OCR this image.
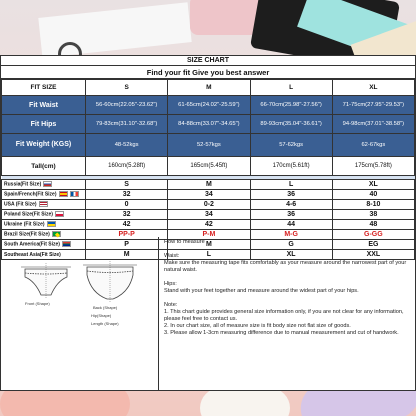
SIZE CHART
Find your fit Give you best answer
FIT SIZE	S	M	L	XL
Fit Waist	56-60cm(22.05"-23.62")	61-65cm(24.02"-25.59")	66-70cm(25.98"-27.56")	71-75cm(27.95"-29.53")
Fit Hips	79-83cm(31.10"-32.68")	84-88cm(33.07"-34.65")	89-93cm(35.04"-36.61")	94-98cm(37.01"-38.58")
Fit Weight (KGS)	48-52kgs	52-57kgs	57-62kgs	62-67kgs
Tall(cm)	160cm(5.28ft)	165cm(5.45ft)	170cm(5.61ft)	175cm(5.78ft)

Russia(Fit Size)	S	M	L	XL
Spain/French(Fit Size)	32	34	36	40
USA (Fit Size)	0	0-2	4-6	8-10
Poland Size(Fit Size)	32	34	36	38
Ukraine (Fit Size)	42	42	44	48
Brazil Size(Fit Size)	PP-P	P-M	M-G	G-GG
South America(Fit Size)	P	M	G	EG
Southeast Asia(Fit Size)	M	L	XL	XXL
Front (Shape)
Back (Shape)
Hip(Shape)
Length (Shape)

How to measure

Waist:

Make sure the measuring tape fits comfortably as your measure around the narrowest part of your natural waist.

Hips:

Stand with your feet together and measure around the widest part of your hips.

Note:

1. This chart guide provides general size information only, if you are not clear for any information, please feel free to contact us.

2. In our chart size, all of measure size is fit body size not flat size of goods.

3. Please allow 1-3cm measuring difference due to manual measurement and cut of handwork.
